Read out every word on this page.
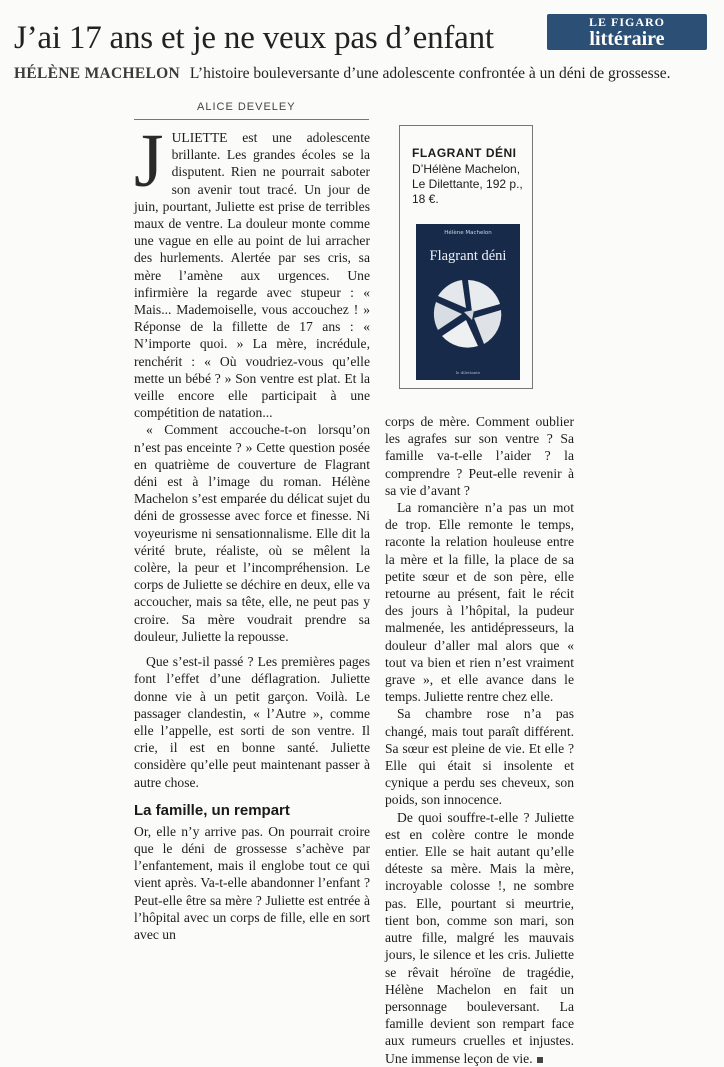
J’ai 17 ans et je ne veux pas d’enfant	LE FIGARO
littéraire

HÉLÈNE MACHELON L’histoire bouleversante d’une adolescente confrontée à un déni de grossesse.

ALICE DEVELEY

JULIETTE est une adolescente brillante. Les grandes écoles se la disputent. Rien ne pourrait saboter son avenir tout tracé. Un jour de juin, pourtant, Juliette est prise de terribles maux de ventre. La douleur monte comme une vague en elle au point de lui arracher des hurlements. Alertée par ses cris, sa mère l’amène aux urgences. Une infirmière la regarde avec stupeur : « Mais... Mademoiselle, vous accouchez ! » Réponse de la fillette de 17 ans : « N’importe quoi. » La mère, incrédule, renchérit : « Où voudriez-vous qu’elle mette un bébé ? » Son ventre est plat. Et la veille encore elle participait à une compétition de natation...

« Comment accouche-t-on lorsqu’on n’est pas enceinte ? » Cette question posée en quatrième de couverture de Flagrant déni est à l’image du roman. Hélène Machelon s’est emparée du délicat sujet du déni de grossesse avec force et finesse. Ni voyeurisme ni sensationnalisme. Elle dit la vérité brute, réaliste, où se mêlent la colère, la peur et l’incompréhension. Le corps de Juliette se déchire en deux, elle va accoucher, mais sa tête, elle, ne peut pas y croire. Sa mère voudrait prendre sa douleur, Juliette la repousse.

Que s’est-il passé ? Les premières pages font l’effet d’une déflagration. Juliette donne vie à un petit garçon. Voilà. Le passager clandestin, « l’Autre », comme elle l’appelle, est sorti de son ventre. Il crie, il est en bonne santé. Juliette considère qu’elle peut maintenant passer à autre chose.

La famille, un rempart

Or, elle n’y arrive pas. On pourrait croire que le déni de grossesse s’achève par l’enfantement, mais il englobe tout ce qui vient après. Va-t-elle abandonner l’enfant ? Peut-elle être sa mère ? Juliette est entrée à l’hôpital avec un corps de fille, elle en sort avec un

FLAGRANT DÉNI
D’Hélène Machelon, Le Dilettante, 192 p., 18 €.
Hélène Machelon
Flagrant déni
le dilettante

corps de mère. Comment oublier les agrafes sur son ventre ? Sa famille va-t-elle l’aider ? la comprendre ? Peut-elle revenir à sa vie d’avant ?

La romancière n’a pas un mot de trop. Elle remonte le temps, raconte la relation houleuse entre la mère et la fille, la place de sa petite sœur et de son père, elle retourne au présent, fait le récit des jours à l’hôpital, la pudeur malmenée, les antidépresseurs, la douleur d’aller mal alors que « tout va bien et rien n’est vraiment grave », et elle avance dans le temps. Juliette rentre chez elle.

Sa chambre rose n’a pas changé, mais tout paraît différent. Sa sœur est pleine de vie. Et elle ? Elle qui était si insolente et cynique a perdu ses cheveux, son poids, son innocence.

De quoi souffre-t-elle ? Juliette est en colère contre le monde entier. Elle se hait autant qu’elle déteste sa mère. Mais la mère, incroyable colosse !, ne sombre pas. Elle, pourtant si meurtrie, tient bon, comme son mari, son autre fille, malgré les mauvais jours, le silence et les cris. Juliette se rêvait héroïne de tragédie, Hélène Machelon en fait un personnage bouleversant. La famille devient son rempart face aux rumeurs cruelles et injustes. Une immense leçon de vie.
